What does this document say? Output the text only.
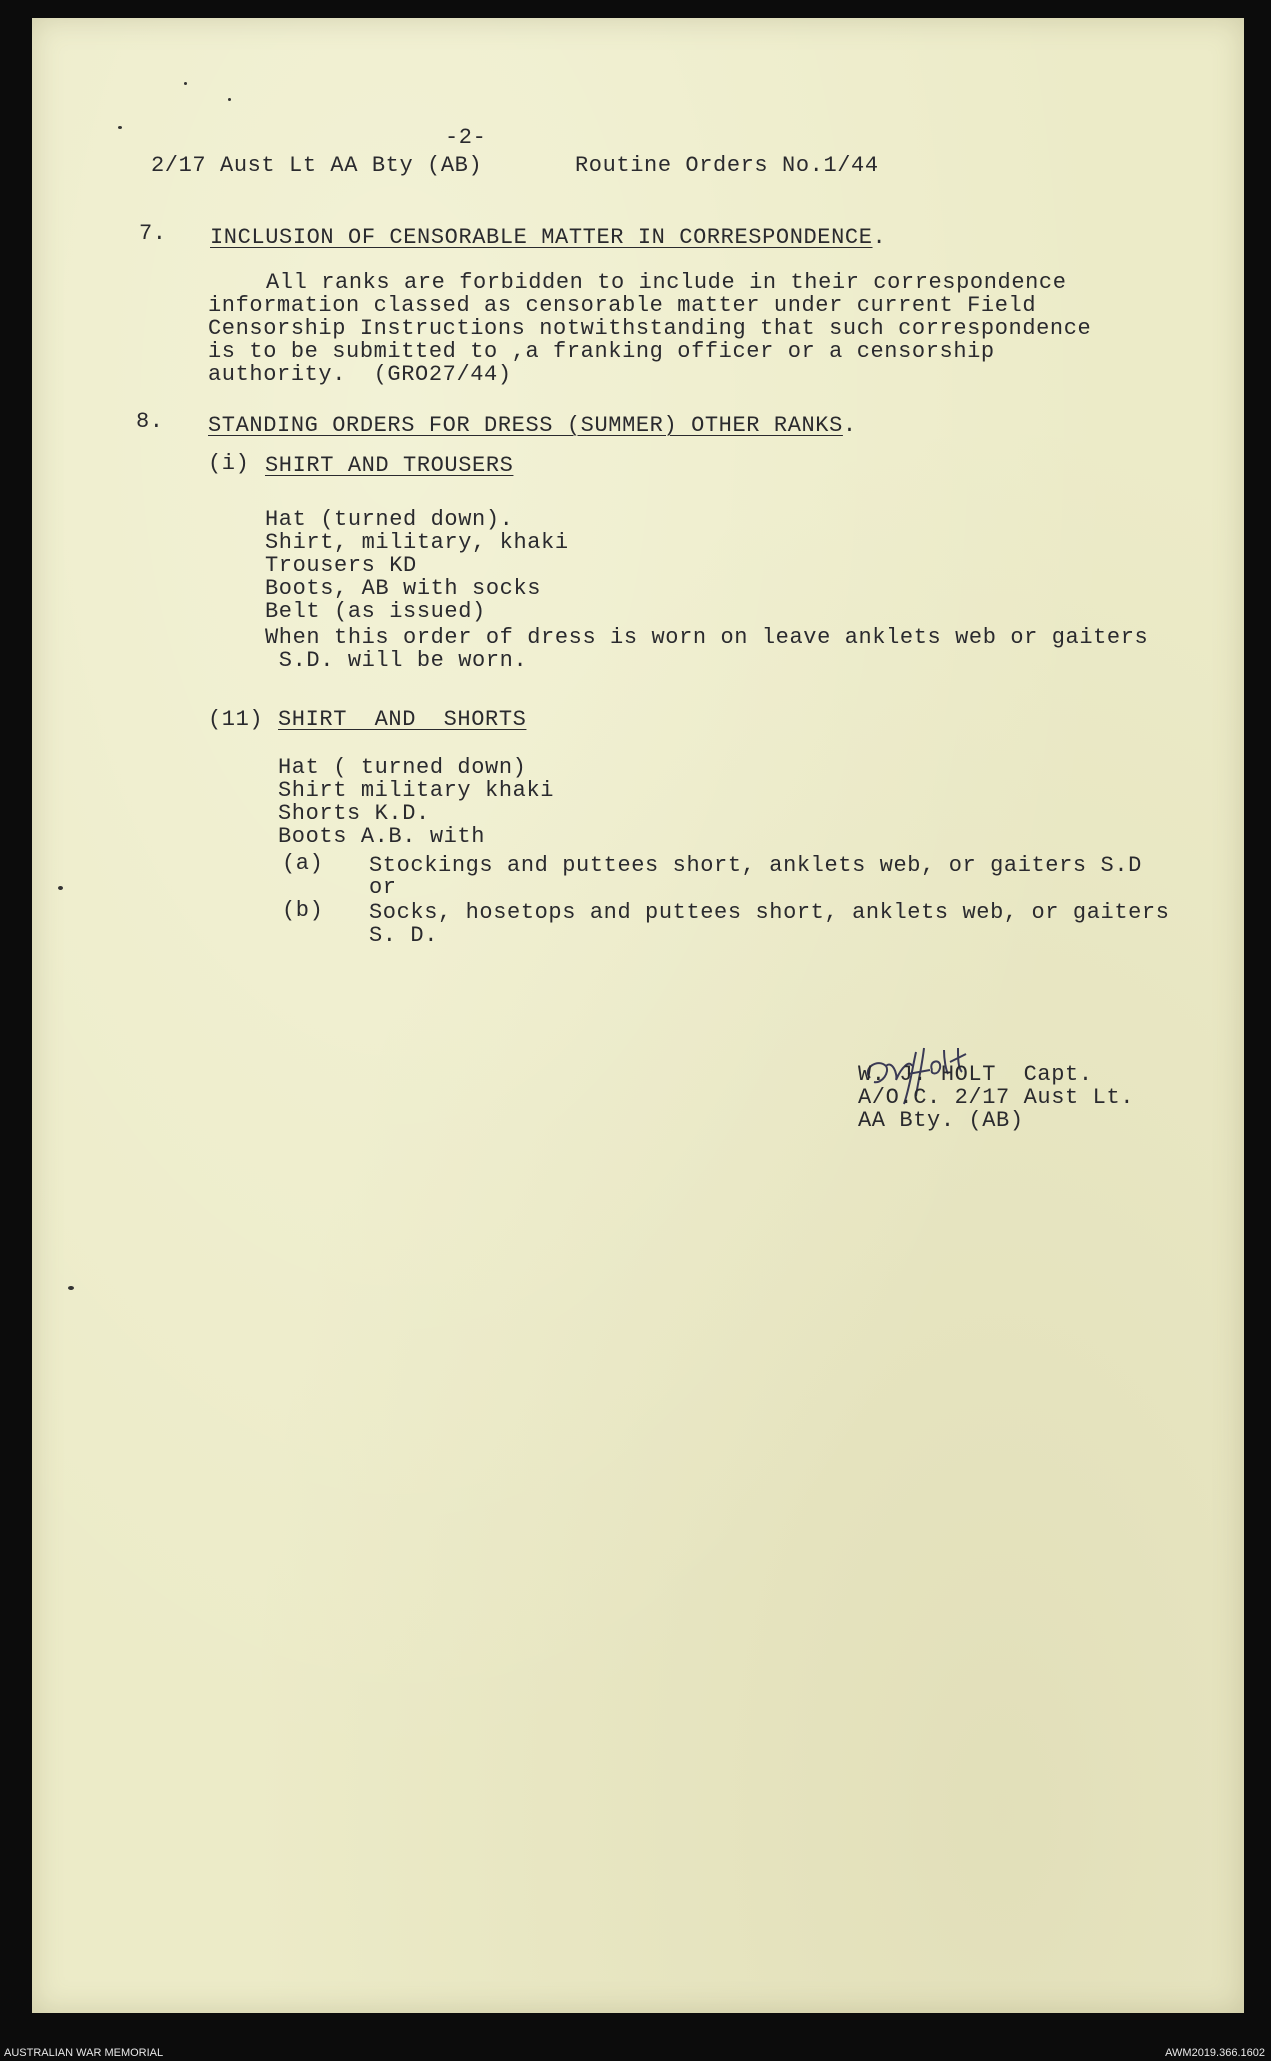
-2-
2/17 Aust Lt AA Bty (AB)	Routine Orders No.1/44
7. INCLUSION OF CENSORABLE MATTER IN CORRESPONDENCE.
All ranks are forbidden to include in their correspondence
information classed as censorable matter under current Field
Censorship Instructions notwithstanding that such correspondence
is to be submitted to ,a franking officer or a censorship
authority.  (GRO27/44)
8. STANDING ORDERS FOR DRESS (SUMMER) OTHER RANKS.
(i) SHIRT AND TROUSERS
Hat (turned down).
Shirt, military, khaki
Trousers KD
Boots, AB with socks
Belt (as issued)
When this order of dress is worn on leave anklets web or gaiters
S.D. will be worn.
(11) SHIRT  AND  SHORTS
Hat ( turned down)
Shirt military khaki
Shorts K.D.
Boots A.B. with
(a) Stockings and puttees short, anklets web, or gaiters S.D
or
(b) Socks, hosetops and puttees short, anklets web, or gaiters
S. D.
W. J. HOLT  Capt.
A/O.C. 2/17 Aust Lt.
AA Bty. (AB)
AUSTRALIAN WAR MEMORIAL	AWM2019.366.1602
